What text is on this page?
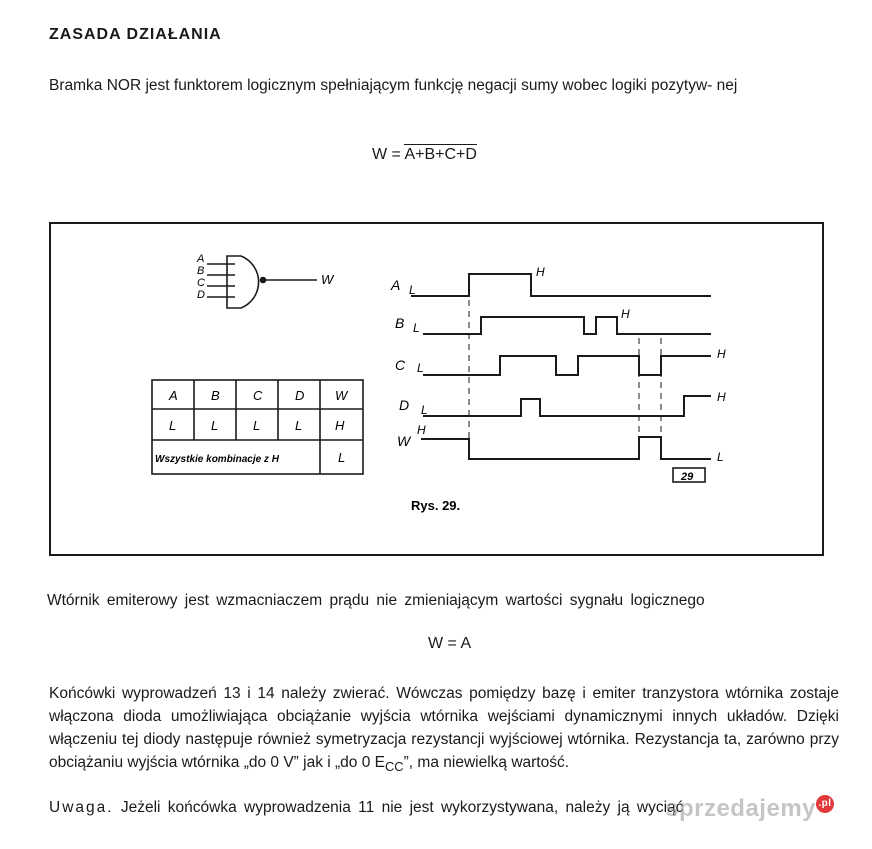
ZASADA DZIAŁANIA
Bramka NOR jest funktorem logicznym spełniającym funkcję negacji sumy wobec logiki pozytyw- nej
W = A+B+C+D
A
B
C
D
W
A	B	C	D W
L	L	L	L	H
Wszystkie kombinacje z H	L
A L
H
B L
H
C L
H
D L
H
W
H
L
29
Rys. 29.
Wtórnik emiterowy jest wzmacniaczem prądu nie zmieniającym wartości sygnału logicznego
W = A
Końcówki wyprowadzeń 13 i 14 należy zwierać. Wówczas pomiędzy bazę i emiter tranzystora wtórnika zostaje włączona dioda umożliwiająca obciążanie wyjścia wtórnika wejściami dynamicznymi innych układów. Dzięki włączeniu tej diody następuje również symetryzacja rezystancji wyjściowej wtórnika. Rezystancja ta, zarówno przy obciążaniu wyjścia wtórnika „do 0 V” jak i „do 0 $E_{CC}$”, ma niewielką wartość.
Uwaga. Jeżeli końcówka wyprowadzenia 11 nie jest wykorzystywana, należy ją wyciąć
sprzedajemy .pl
